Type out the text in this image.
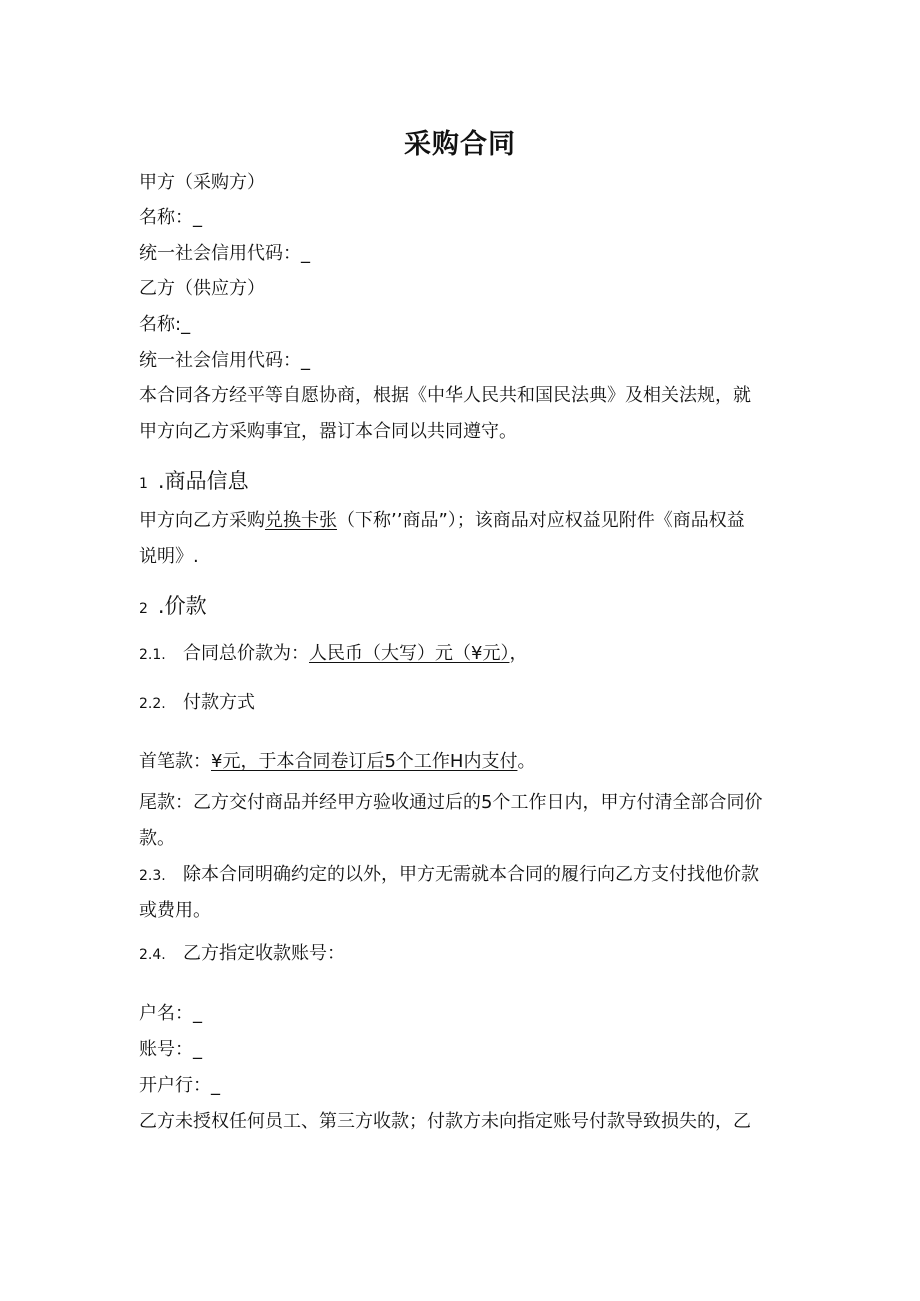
采购合同
甲方（采购方）
名称：_
统一社会信用代码：_
乙方（供应方）
名称:_
统一社会信用代码：_
本合同各方经平等自愿协商，根据《中华人民共和国民法典》及相关法规，就
甲方向乙方采购事宜，嚣订本合同以共同遵守。
1 .商品信息
甲方向乙方采购兑换卡张（下称’’商品”）；该商品对应权益见附件《商品权益
说明》.
2 .价款
2.1. 合同总价款为：人民币（大写）元（¥元），
2.2. 付款方式
首笔款：¥元，于本合同卷订后5个工作H内支付。
尾款：乙方交付商品并经甲方验收通过后的5个工作日内，甲方付清全部合同价
款。
2.3. 除本合同明确约定的以外，甲方无需就本合同的履行向乙方支付找他价款
或费用。
2.4. 乙方指定收款账号：
户名：_
账号：_
开户行：_
乙方未授权任何员工、第三方收款；付款方未向指定账号付款导致损失的，乙
